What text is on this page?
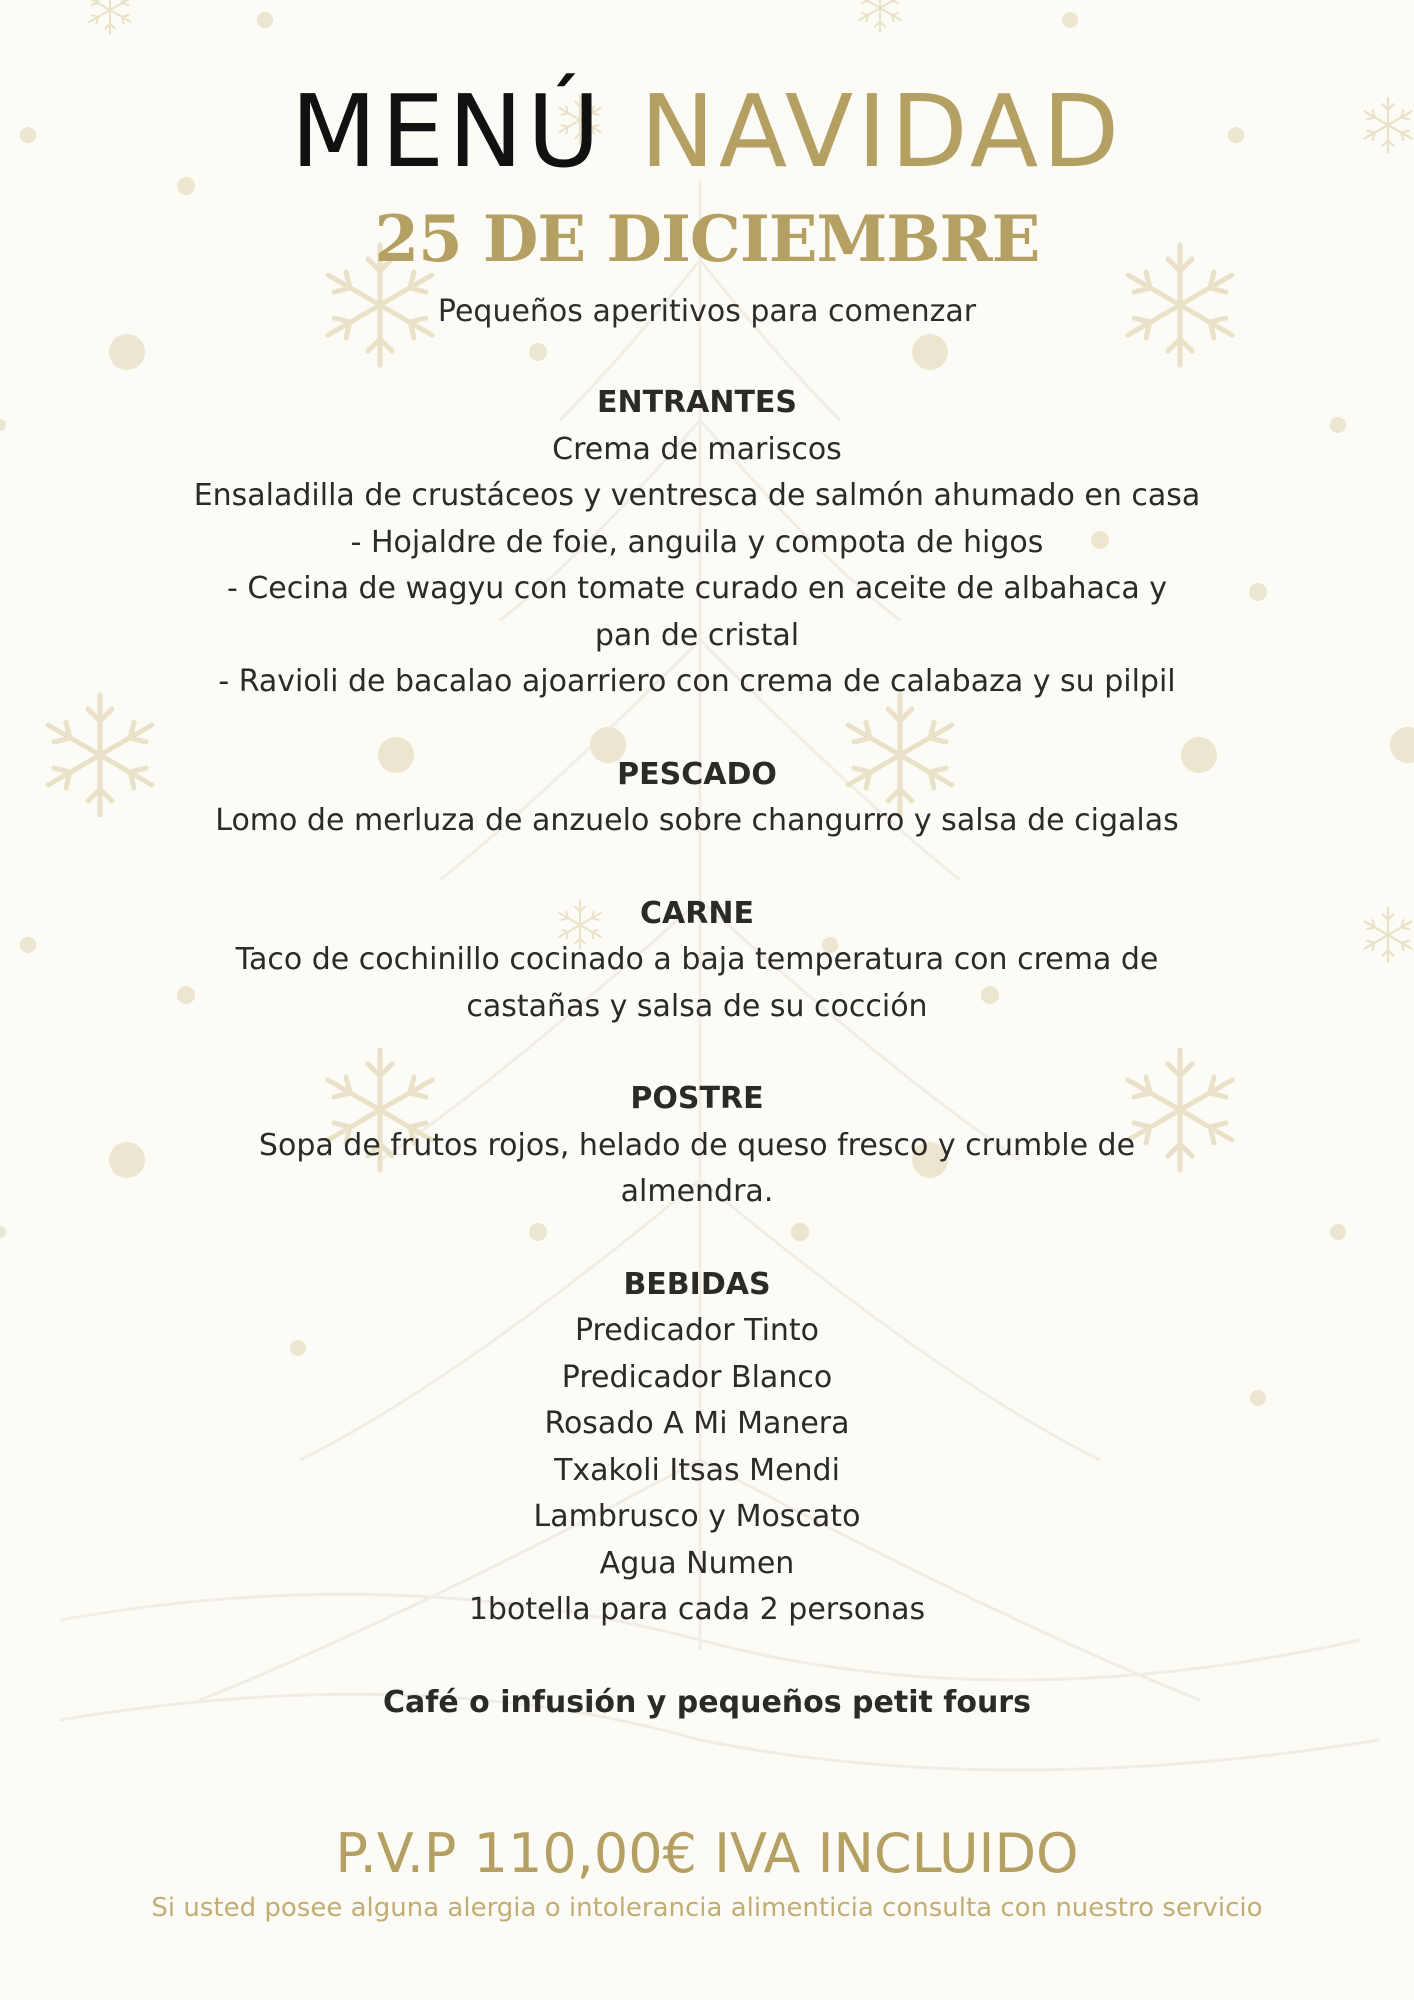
MENÚ NAVIDAD
25 DE DICIEMBRE
Pequeños aperitivos para comenzar
ENTRANTES
Crema de mariscos
Ensaladilla de crustáceos y ventresca de salmón ahumado en casa
- Hojaldre de foie, anguila y compota de higos
- Cecina de wagyu con tomate curado en aceite de albahaca y
pan de cristal
- Ravioli de bacalao ajoarriero con crema de calabaza y su pilpil
PESCADO
Lomo de merluza de anzuelo sobre changurro y salsa de cigalas
CARNE
Taco de cochinillo cocinado a baja temperatura con crema de
castañas y salsa de su cocción
POSTRE
Sopa de frutos rojos, helado de queso fresco y crumble de
almendra.
BEBIDAS
Predicador Tinto
Predicador Blanco
Rosado A Mi Manera
Txakoli Itsas Mendi
Lambrusco y Moscato
Agua Numen
1botella para cada 2 personas
Café o infusión y pequeños petit fours
P.V.P 110,00€ IVA INCLUIDO
Si usted posee alguna alergia o intolerancia alimenticia consulta con nuestro servicio
